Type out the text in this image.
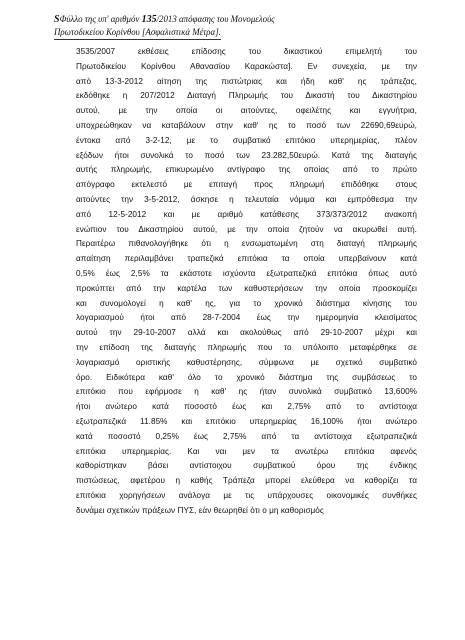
SΦύλλο της υπ' αριθμόν 135/2013 απόφασης του Μονομελούς
Πρωτοδικείου Κορίνθου [Ασφαλιστικά Μέτρα].
3535/2007 εκθέσεις επίδοσης του δικαστικού επιμελητή του
Πρωτοδικείου Κορίνθου Αθανασίου Καρακώστα]. Εν συνεχεία, με την
από 13-3-2012 αίτηση της πιστώτριας και ήδη καθ' ης τράπεζας,
εκδόθηκε η 207/2012 Διαταγή Πληρωμής του Δικαστή του Δικαστηρίου
αυτού, με την οποία οι αιτούντες, οφειλέτης και εγγυήτρια,
υποχρεώθηκαν να καταβάλουν στην καθ' ης το ποσό των 22690,69ευρώ,
έντοκα από 3-2-12, με το συμβατικό επιτόκιο υπερημερίας, πλέον
εξόδων ήτοι συνολικά το ποσό των 23.282,50ευρώ. Κατά της διαταγής
αυτής πληρωμής, επικυρωμένο αντίγραφο της οποίας από το πρώτο
απόγραφο εκτελεστό με επιταγή προς πληρωμή επιδόθηκε στους
αιτούντες την 3-5-2012, άσκησε η τελευταία νόμιμα και εμπρόθεσμα την
από 12-5-2012 και με αριθμό κατάθεσης 373/373/2012 ανακοπή
ενώπιον του Δικαστηρίου αυτού, με την οποία ζητούν να ακυρωθεί αυτή.
Περαιτέρω πιθανολογήθηκε ότι η ενσωματωμένη στη διαταγή πληρωμής
απαίτηση περιλαμβάνει τραπεζικά επιτόκια τα οποία υπερβαίνουν κατά
0,5% έως 2,5% τα εκάστοτε ισχύοντα εξωτραπεζικά επιτόκια όπως αυτό
προκύπτει από την καρτέλα των καθυστερήσεων την οποία προσκομίζει
και συνομολογεί η καθ' ης, για το χρονικό διάστημα κίνησης του
λογαριασμού ήτοι από 28-7-2004 έως την ημερομηνία κλεισίματος
αυτού την 29-10-2007 αλλά και ακολούθως από 29-10-2007 μέχρι και
την επίδοση της διαταγής πληρωμής που το υπόλοιπο μεταφέρθηκε σε
λογαριασμό οριστικής καθυστέρησης, σύμφωνα με σχετικό συμβατικό
όρο. Ειδικότερα καθ' όλο το χρονικό διάστημα της συμβάσεως το
επιτόκιο που εφήρμοσε η καθ' ης ήταν συνολικά συμβατικό 13,600%
ήτοι ανώτερο κατά ποσοστό έως και 2,75% από το αντίστοιχα
εξωτραπεζικά 11.85% και επιτόκιο υπερημερίας 16,100% ήτοι ανώτερο
κατά ποσοστό 0,25% έως 2,75% από τα αντίστοιχα εξωτραπεζικά
επιτόκια υπερημερίας. Και ναι μεν τα ανωτέρω επιτόκια αφενός
καθορίστηκαν βάσει αντίστοιχου συμβατικού όρου της ένδικης
πιστώσεως, αφετέρου η καθής Τράπεζα μπορεί ελεύθερα να καθορίζει τα
επιτόκια χορηγήσεων ανάλογα με τις υπάρχουσες οικονομικές συνθήκες
δυνάμει σχετικών πράξεων ΠΥΣ, εάν θεωρηθεί ότι ο μη καθορισμός
